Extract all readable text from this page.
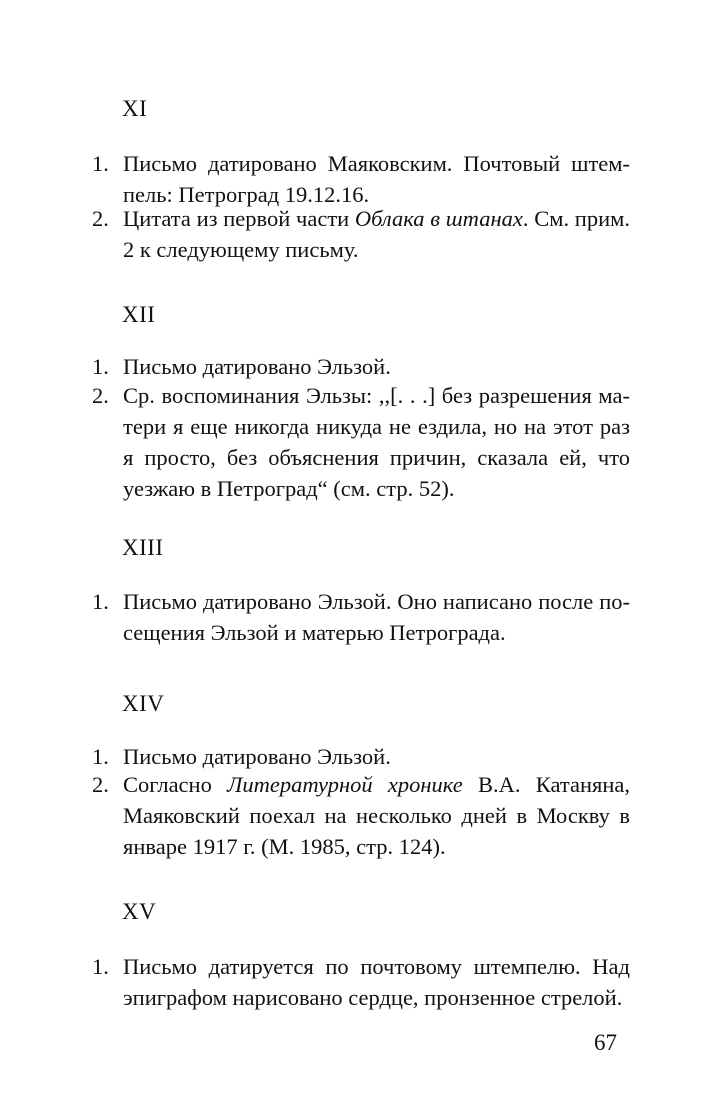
XI
1. Письмо датировано Маяковским. Почтовый штем-пель: Петроград 19.12.16.
2. Цитата из первой части Облака в штанах. См. прим. 2 к следующему письму.
XII
1. Письмо датировано Эльзой.
2. Ср. воспоминания Эльзы: ,,[. . .] без разрешения ма-тери я еще никогда никуда не ездила, но на этот раз я просто, без объяснения причин, сказала ей, что уезжаю в Петроград“ (см. стр. 52).
XIII
1. Письмо датировано Эльзой. Оно написано после по-сещения Эльзой и матерью Петрограда.
XIV
1. Письмо датировано Эльзой.
2. Согласно Литературной хронике В.А. Катаняна, Маяковский поехал на несколько дней в Москву в январе 1917 г. (М. 1985, стр. 124).
XV
1. Письмо датируется по почтовому штемпелю. Над эпиграфом нарисовано сердце, пронзенное стрелой.
67
